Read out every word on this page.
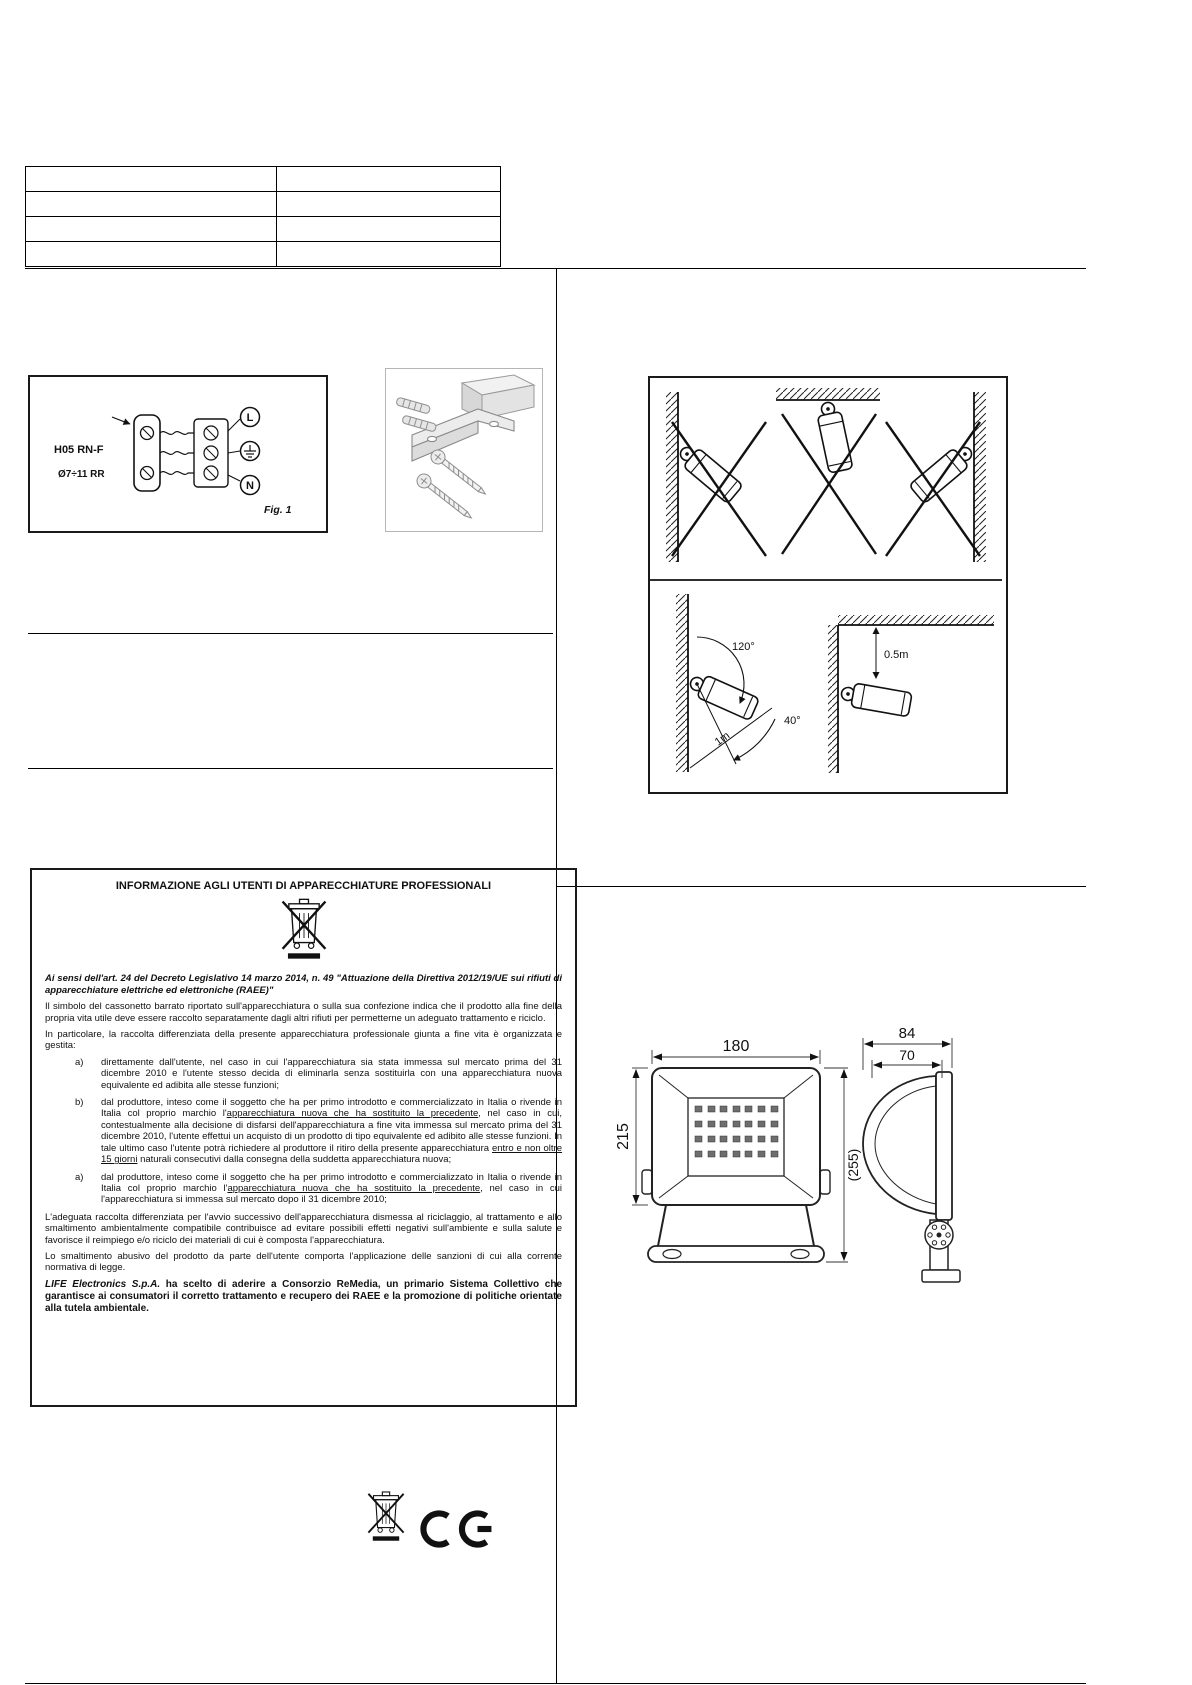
L
N
H05 RN-F
Ø7÷11 RR
Fig. 1
120°
40°
1m
0.5m
INFORMAZIONE AGLI UTENTI DI APPARECCHIATURE PROFESSIONALI

Ai sensi dell'art. 24 del Decreto Legislativo 14 marzo 2014, n. 49 "Attuazione della Direttiva 2012/19/UE sui rifiuti di apparecchiature elettriche ed elettroniche (RAEE)"

Il simbolo del cassonetto barrato riportato sull'apparecchiatura o sulla sua confezione indica che il prodotto alla fine della propria vita utile deve essere raccolto separatamente dagli altri rifiuti per permetterne un adeguato trattamento e riciclo.

In particolare, la raccolta differenziata della presente apparecchiatura professionale giunta a fine vita è organizzata e gestita:

a) direttamente dall'utente, nel caso in cui l'apparecchiatura sia stata immessa sul mercato prima del 31 dicembre 2010 e l'utente stesso decida di eliminarla senza sostituirla con una apparecchiatura nuova equivalente ed adibita alle stesse funzioni;
b) dal produttore, inteso come il soggetto che ha per primo introdotto e commercializzato in Italia o rivende in Italia col proprio marchio l'apparecchiatura nuova che ha sostituito la precedente, nel caso in cui, contestualmente alla decisione di disfarsi dell'apparecchiatura a fine vita immessa sul mercato prima del 31 dicembre 2010, l'utente effettui un acquisto di un prodotto di tipo equivalente ed adibito alle stesse funzioni. In tale ultimo caso l'utente potrà richiedere al produttore il ritiro della presente apparecchiatura entro e non oltre 15 giorni naturali consecutivi dalla consegna della suddetta apparecchiatura nuova;
a) dal produttore, inteso come il soggetto che ha per primo introdotto e commercializzato in Italia o rivende in Italia col proprio marchio l'apparecchiatura nuova che ha sostituito la precedente, nel caso in cui l'apparecchiatura si immessa sul mercato dopo il 31 dicembre 2010;

L'adeguata raccolta differenziata per l'avvio successivo dell'apparecchiatura dismessa al riciclaggio, al trattamento e allo smaltimento ambientalmente compatibile contribuisce ad evitare possibili effetti negativi sull'ambiente e sulla salute e favorisce il reimpiego e/o riciclo dei materiali di cui è composta l'apparecchiatura.

Lo smaltimento abusivo del prodotto da parte dell'utente comporta l'applicazione delle sanzioni di cui alla corrente normativa di legge.

LIFE Electronics S.p.A. ha scelto di aderire a Consorzio ReMedia, un primario Sistema Collettivo che garantisce ai consumatori il corretto trattamento e recupero dei RAEE e la promozione di politiche orientate alla tutela ambientale.

180
215
(255)
84
70
